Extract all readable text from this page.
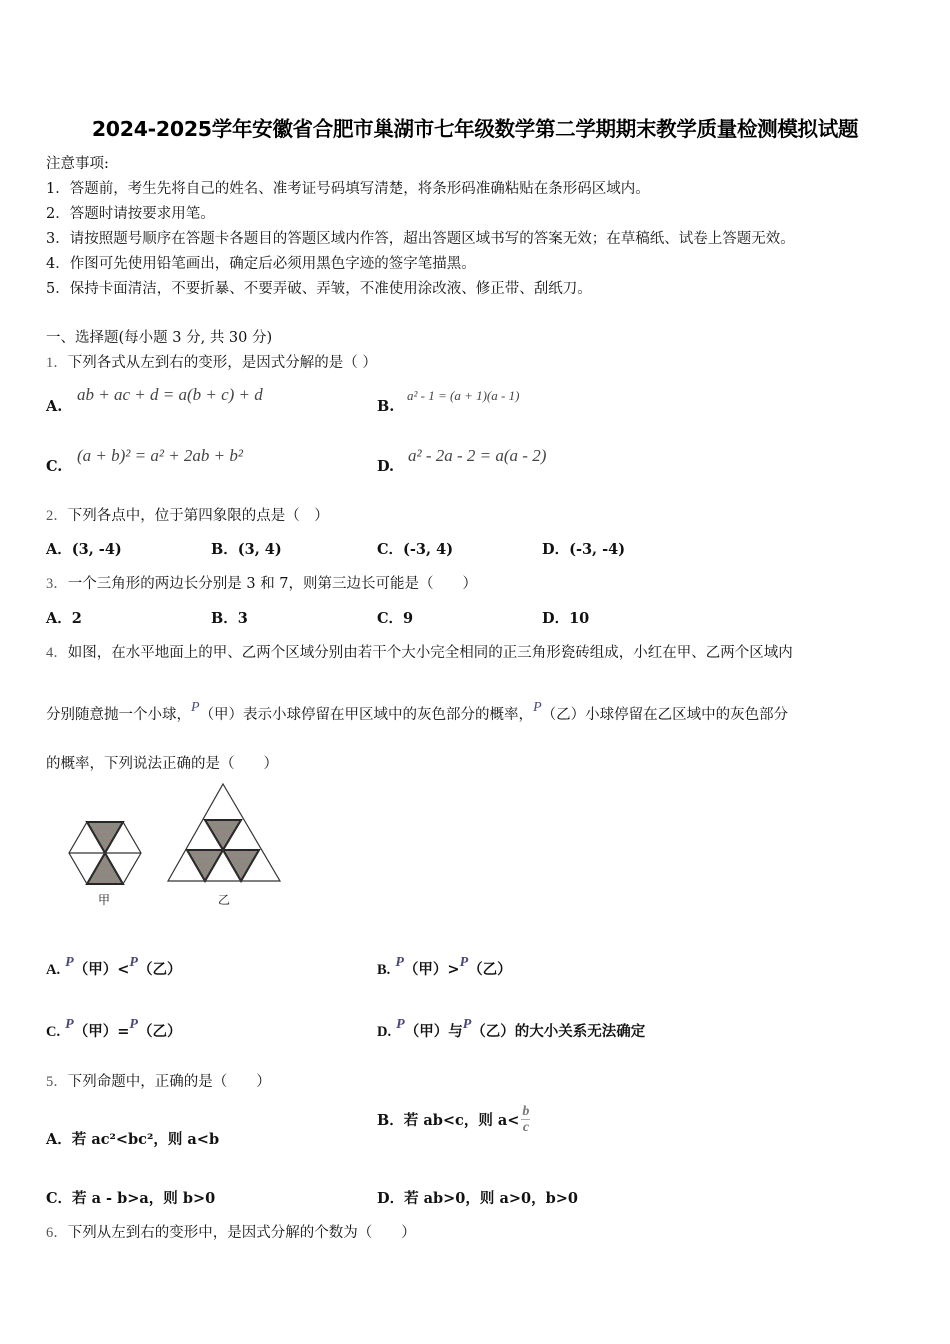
2024-2025学年安徽省合肥市巢湖市七年级数学第二学期期末教学质量检测模拟试题
注意事项:
1．答题前，考生先将自己的姓名、准考证号码填写清楚，将条形码准确粘贴在条形码区域内。
2．答题时请按要求用笔。
3．请按照题号顺序在答题卡各题目的答题区域内作答，超出答题区域书写的答案无效；在草稿纸、试卷上答题无效。
4．作图可先使用铅笔画出，确定后必须用黑色字迹的签字笔描黑。
5．保持卡面清洁，不要折暴、不要弄破、弄皱，不准使用涂改液、修正带、刮纸刀。
一、选择题(每小题 3 分, 共 30 分)
1．下列各式从左到右的变形，是因式分解的是（ ）
A.
ab + ac + d = a(b + c) + d
B.
a² - 1 = (a + 1)(a - 1)
C.
(a + b)² = a² + 2ab + b²
D.
a² - 2a - 2 = a(a - 2)
2．下列各点中，位于第四象限的点是（　）
A．(3, -4)	B．(3, 4)	C．(-3, 4)	D．(-3, -4)
3．一个三角形的两边长分别是 3 和 7，则第三边长可能是（　　）
A．2	B．3	C．9	D．10
4．如图，在水平地面上的甲、乙两个区域分别由若干个大小完全相同的正三角形瓷砖组成，小红在甲、乙两个区域内
分别随意抛一个小球，P（甲）表示小球停留在甲区域中的灰色部分的概率，P（乙）小球停留在乙区域中的灰色部分
的概率，下列说法正确的是（　　）
甲	乙
A. P（甲）<P（乙）	B. P（甲）>P（乙）
C. P（甲）=P（乙）	D. P（甲）与P（乙）的大小关系无法确定
5．下列命题中，正确的是（　　）
A．若 ac²<bc²，则 a<b
B．若 ab<c，则 $a< \frac{b}{c}$
C．若 a - b>a，则 b>0	D．若 ab>0，则 a>0，b>0
6．下列从左到右的变形中，是因式分解的个数为（　　）
